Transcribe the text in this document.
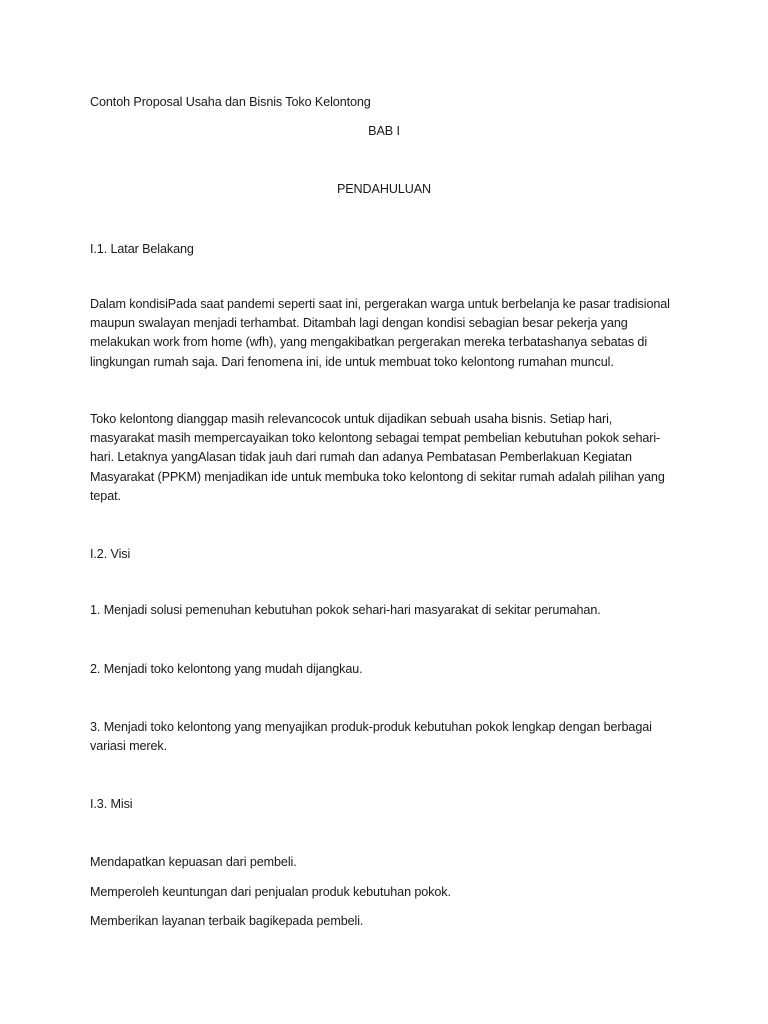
Contoh Proposal Usaha dan Bisnis Toko Kelontong

BAB I

PENDAHULUAN

I.1. Latar Belakang

Dalam kondisiPada saat pandemi seperti saat ini, pergerakan warga untuk berbelanja ke pasar tradisional
maupun swalayan menjadi terhambat. Ditambah lagi dengan kondisi sebagian besar pekerja yang
melakukan work from home (wfh), yang mengakibatkan pergerakan mereka terbatashanya sebatas di
lingkungan rumah saja. Dari fenomena ini, ide untuk membuat toko kelontong rumahan muncul.
Toko kelontong dianggap masih relevancocok untuk dijadikan sebuah usaha bisnis. Setiap hari,
masyarakat masih mempercayaikan toko kelontong sebagai tempat pembelian kebutuhan pokok sehari-
hari. Letaknya yangAlasan tidak jauh dari rumah dan adanya Pembatasan Pemberlakuan Kegiatan
Masyarakat (PPKM) menjadikan ide untuk membuka toko kelontong di sekitar rumah adalah pilihan yang
tepat.

I.2. Visi

1. Menjadi solusi pemenuhan kebutuhan pokok sehari-hari masyarakat di sekitar perumahan.

2. Menjadi toko kelontong yang mudah dijangkau.

3. Menjadi toko kelontong yang menyajikan produk-produk kebutuhan pokok lengkap dengan berbagai
variasi merek.

I.3. Misi

Mendapatkan kepuasan dari pembeli.

Memperoleh keuntungan dari penjualan produk kebutuhan pokok.

Memberikan layanan terbaik bagikepada pembeli.
